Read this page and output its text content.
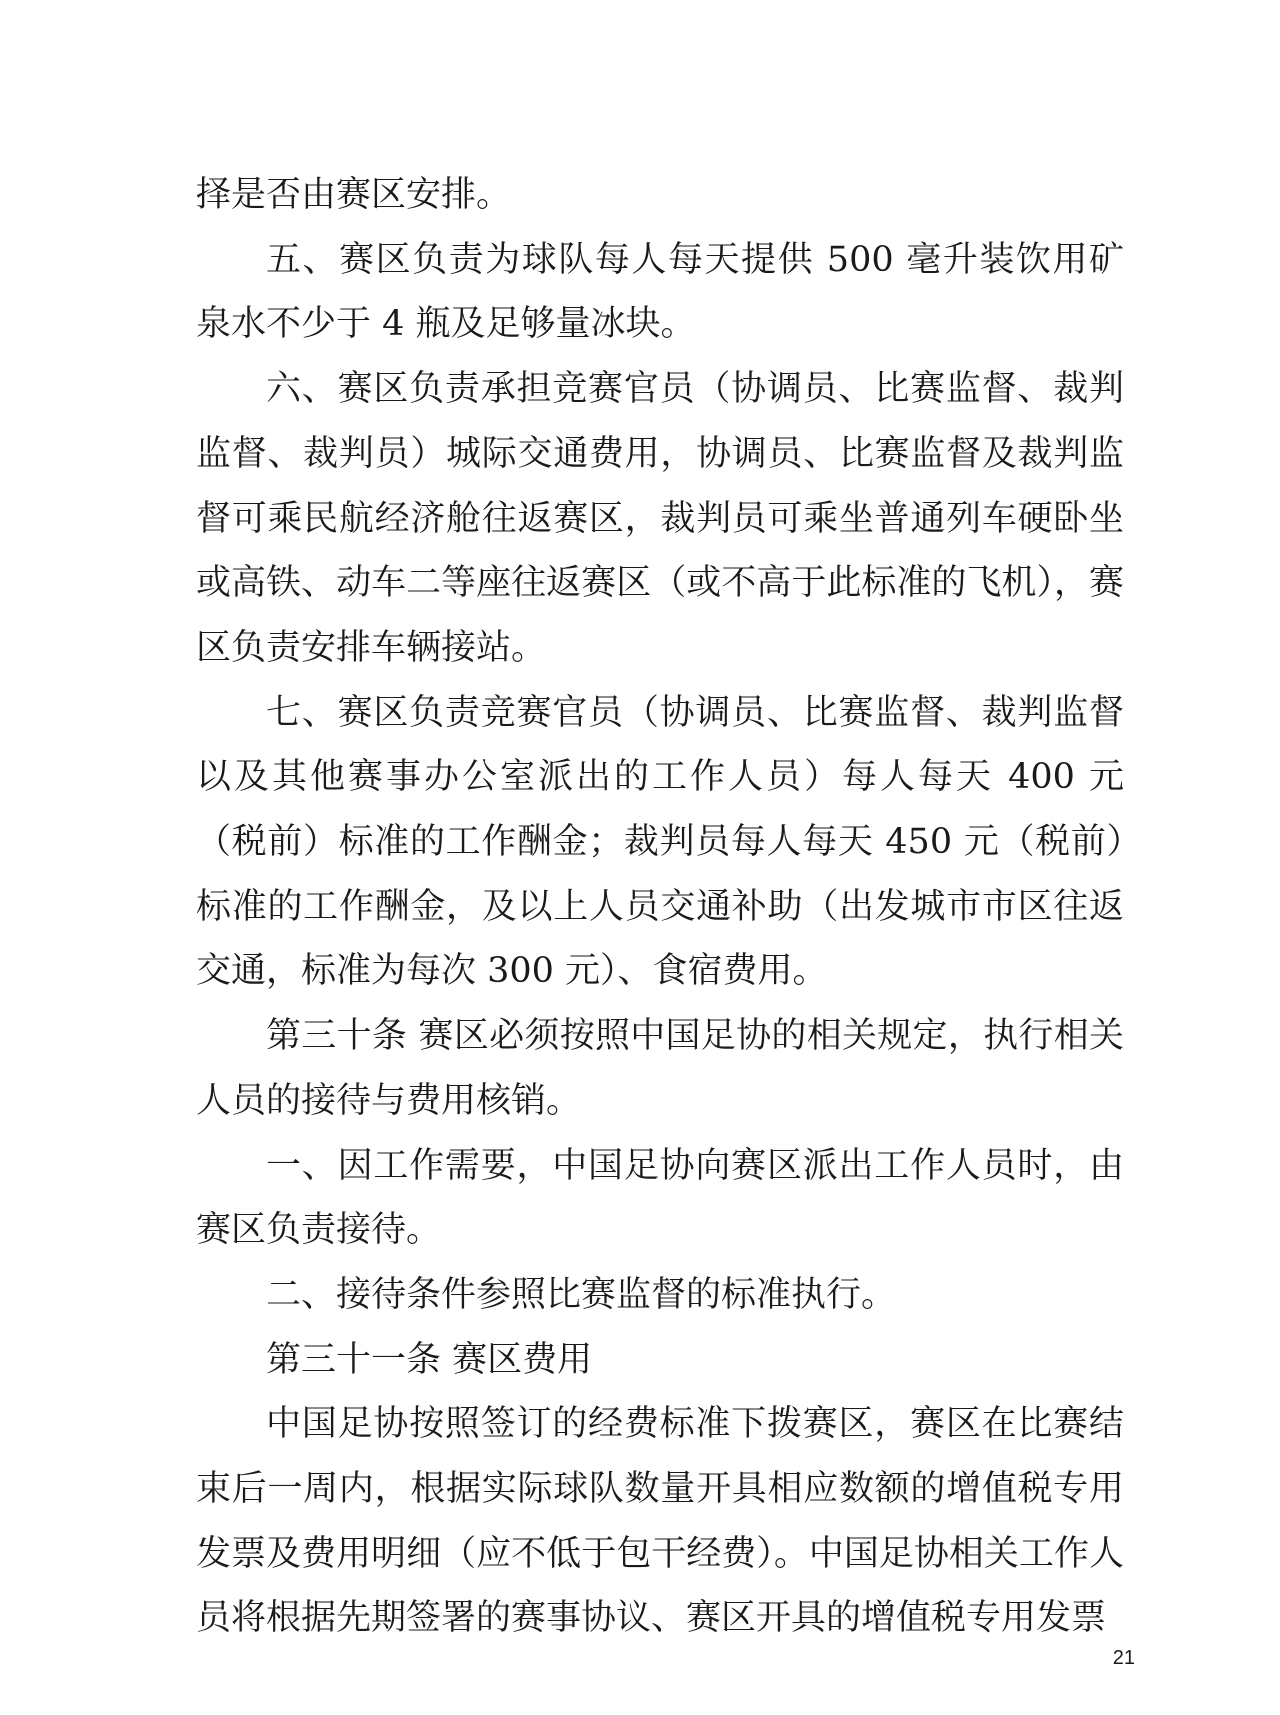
择是否由赛区安排。

五、赛区负责为球队每人每天提供 500 毫升装饮用矿泉水不少于 4 瓶及足够量冰块。

六、赛区负责承担竞赛官员（协调员、比赛监督、裁判监督、裁判员）城际交通费用，协调员、比赛监督及裁判监督可乘民航经济舱往返赛区，裁判员可乘坐普通列车硬卧坐或高铁、动车二等座往返赛区（或不高于此标准的飞机），赛区负责安排车辆接站。

七、赛区负责竞赛官员（协调员、比赛监督、裁判监督以及其他赛事办公室派出的工作人员）每人每天 400 元（税前）标准的工作酬金；裁判员每人每天 450 元（税前）标准的工作酬金，及以上人员交通补助（出发城市市区往返交通，标准为每次 300 元）、食宿费用。

第三十条 赛区必须按照中国足协的相关规定，执行相关人员的接待与费用核销。

一、因工作需要，中国足协向赛区派出工作人员时，由赛区负责接待。

二、接待条件参照比赛监督的标准执行。

第三十一条 赛区费用

中国足协按照签订的经费标准下拨赛区，赛区在比赛结束后一周内，根据实际球队数量开具相应数额的增值税专用发票及费用明细（应不低于包干经费）。中国足协相关工作人员将根据先期签署的赛事协议、赛区开具的增值税专用发票

21
